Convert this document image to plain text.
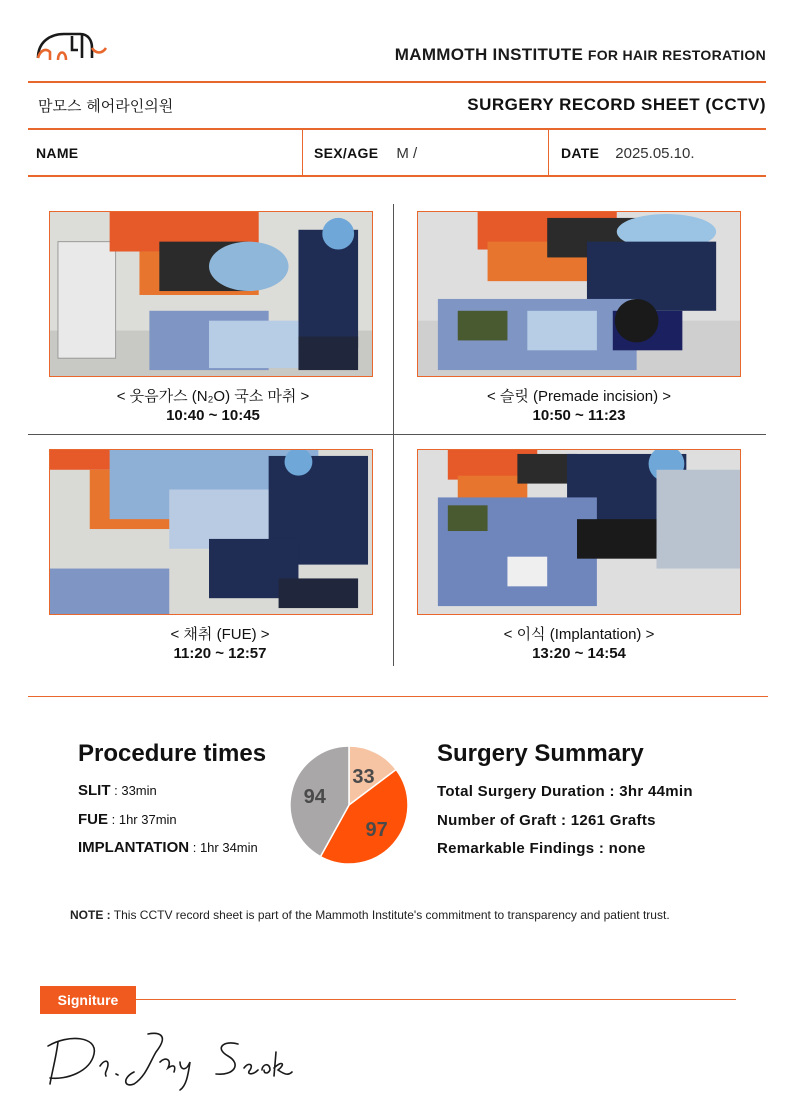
MAMMOTH INSTITUTE FOR HAIR RESTORATION
맘모스 헤어라인의원	SURGERY RECORD SHEET (CCTV)
NAME	SEX/AGE M /	DATE 2025.05.10.
< 웃음가스 (N₂O) 국소 마취 >
10:40 ~ 10:45
< 슬릿 (Premade incision) >
10:50 ~ 11:23
< 채취 (FUE) >
11:20 ~ 12:57
< 이식 (Implantation) >
13:20 ~ 14:54
Procedure times
SLIT : 33min
FUE : 1hr 37min
IMPLANTATION : 1hr 34min
33
97
94
Surgery Summary
Total Surgery Duration : 3hr 44min
Number of Graft : 1261 Grafts
Remarkable Findings : none
NOTE : This CCTV record sheet is part of the Mammoth Institute's commitment to transparency and patient trust.
Signiture
